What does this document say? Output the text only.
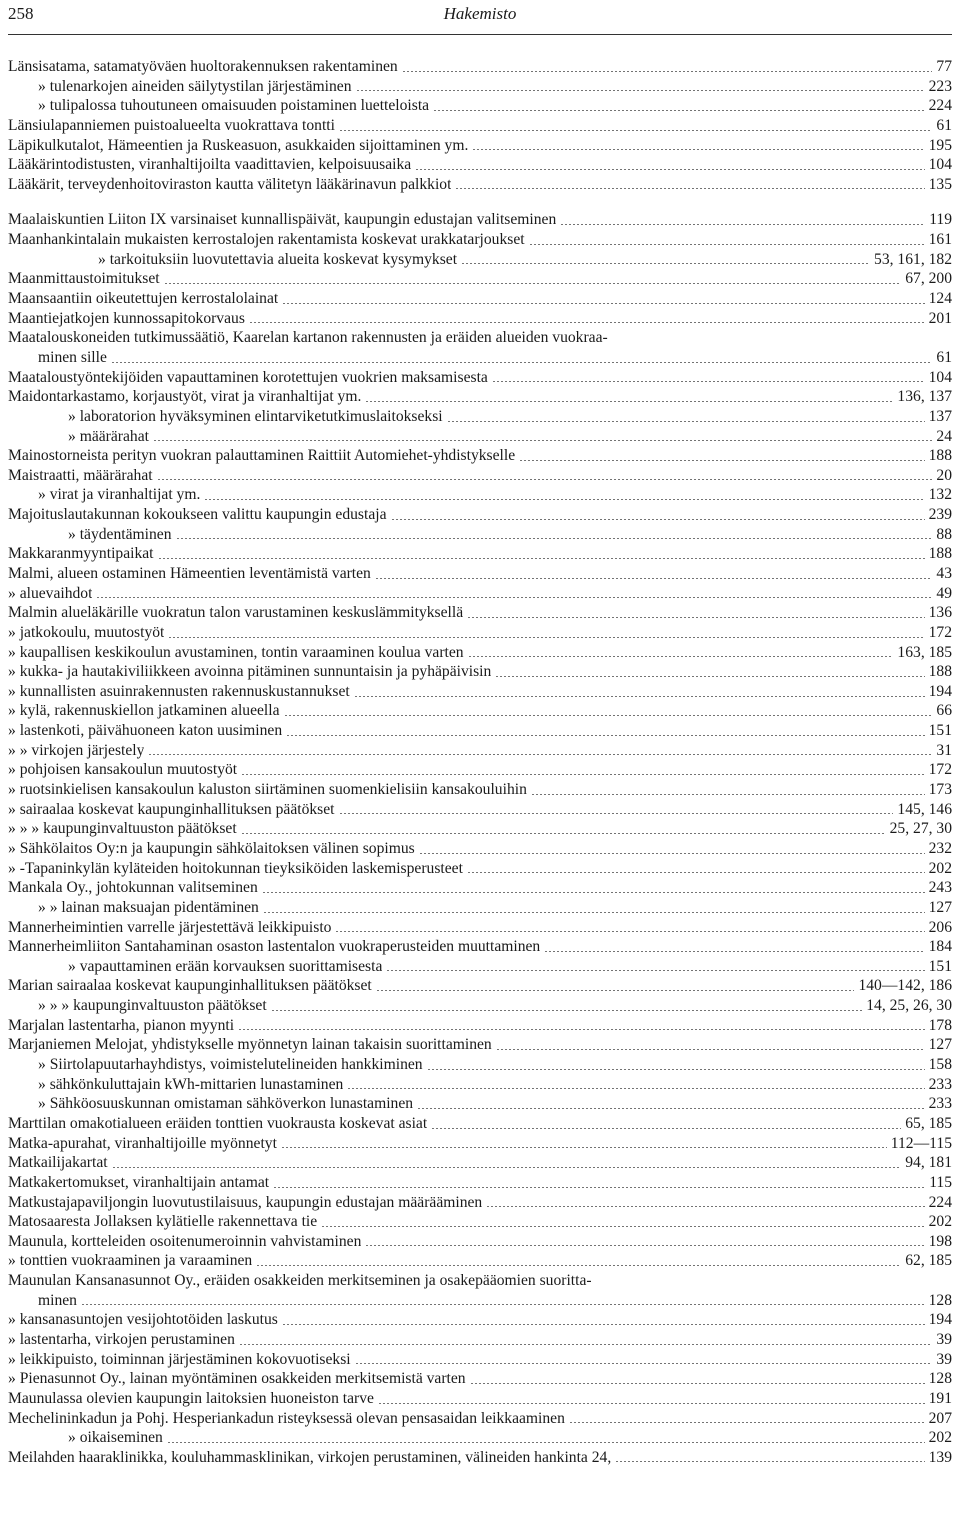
258	Hakemisto
Länsisatama, satamatyöväen huoltorakennuksen rakentaminen	77
» tulenarkojen aineiden säilytystilan järjestäminen	223
» tulipalossa tuhoutuneen omaisuuden poistaminen luetteloista	224
Länsiulapanniemen puistoalueelta vuokrattava tontti	61
Läpikulkutalot, Hämeentien ja Ruskeasuon, asukkaiden sijoittaminen ym.	195
Lääkärintodistusten, viranhaltijoilta vaadittavien, kelpoisuusaika	104
Lääkärit, terveydenhoitoviraston kautta välitetyn lääkärinavun palkkiot	135
Maalaiskuntien Liiton IX varsinaiset kunnallispäivät, kaupungin edustajan valitseminen	119
Maanhankintalain mukaisten kerrostalojen rakentamista koskevat urakkatarjoukset	161
» tarkoituksiin luovutettavia alueita koskevat kysymykset	53, 161, 182
Maanmittaustoimitukset	67, 200
Maansaantiin oikeutettujen kerrostalolainat	124
Maantiejatkojen kunnossapitokorvaus	201
Maatalouskoneiden tutkimussäätiö, Kaarelan kartanon rakennusten ja eräiden alueiden vuokraa-
minen sille	61
Maataloustyöntekijöiden vapauttaminen korotettujen vuokrien maksamisesta	104
Maidontarkastamo, korjaustyöt, virat ja viranhaltijat ym.	136, 137
» laboratorion hyväksyminen elintarviketutkimuslaitokseksi	137
» määrärahat	24
Mainostorneista perityn vuokran palauttaminen Raittiit Automiehet-yhdistykselle	188
Maistraatti, määrärahat	20
» virat ja viranhaltijat ym.	132
Majoituslautakunnan kokoukseen valittu kaupungin edustaja	239
» täydentäminen	88
Makkaranmyyntipaikat	188
Malmi, alueen ostaminen Hämeentien leventämistä varten	43
» aluevaihdot	49
Malmin alueläkärille vuokratun talon varustaminen keskuslämmityksellä	136
» jatkokoulu, muutostyöt	172
» kaupallisen keskikoulun avustaminen, tontin varaaminen koulua varten	163, 185
» kukka- ja hautakiviliikkeen avoinna pitäminen sunnuntaisin ja pyhäpäivisin	188
» kunnallisten asuinrakennusten rakennuskustannukset	194
» kylä, rakennuskiellon jatkaminen alueella	66
» lastenkoti, päivähuoneen katon uusiminen	151
» » virkojen järjestely	31
» pohjoisen kansakoulun muutostyöt	172
» ruotsinkielisen kansakoulun kaluston siirtäminen suomenkielisiin kansakouluihin	173
» sairaalaa koskevat kaupunginhallituksen päätökset	145, 146
» » » kaupunginvaltuuston päätökset	25, 27, 30
» Sähkölaitos Oy:n ja kaupungin sähkölaitoksen välinen sopimus	232
» -Tapaninkylän kyläteiden hoitokunnan tieyksiköiden laskemisperusteet	202
Mankala Oy., johtokunnan valitseminen	243
» » lainan maksuajan pidentäminen	127
Mannerheimintien varrelle järjestettävä leikkipuisto	206
Mannerheimliiton Santahaminan osaston lastentalon vuokraperusteiden muuttaminen	184
» vapauttaminen erään korvauksen suorittamisesta	151
Marian sairaalaa koskevat kaupunginhallituksen päätökset	140—142, 186
» » » kaupunginvaltuuston päätökset	14, 25, 26, 30
Marjalan lastentarha, pianon myynti	178
Marjaniemen Melojat, yhdistykselle myönnetyn lainan takaisin suorittaminen	127
» Siirtolapuutarhayhdistys, voimistelutelineiden hankkiminen	158
» sähkönkuluttajain kWh-mittarien lunastaminen	233
» Sähköosuuskunnan omistaman sähköverkon lunastaminen	233
Marttilan omakotialueen eräiden tonttien vuokrausta koskevat asiat	65, 185
Matka-apurahat, viranhaltijoille myönnetyt	112—115
Matkailijakartat	94, 181
Matkakertomukset, viranhaltijain antamat	115
Matkustajapaviljongin luovutustilaisuus, kaupungin edustajan määrääminen	224
Matosaaresta Jollaksen kylätielle rakennettava tie	202
Maunula, kortteleiden osoitenumeroinnin vahvistaminen	198
» tonttien vuokraaminen ja varaaminen	62, 185
Maunulan Kansanasunnot Oy., eräiden osakkeiden merkitseminen ja osakepääomien suoritta-
minen	128
» kansanasuntojen vesijohtotöiden laskutus	194
» lastentarha, virkojen perustaminen	39
» leikkipuisto, toiminnan järjestäminen kokovuotiseksi	39
» Pienasunnot Oy., lainan myöntäminen osakkeiden merkitsemistä varten	128
Maunulassa olevien kaupungin laitoksien huoneiston tarve	191
Mechelininkadun ja Pohj. Hesperiankadun risteyksessä olevan pensasaidan leikkaaminen	207
» oikaiseminen	202
Meilahden haaraklinikka, kouluhammasklinikan, virkojen perustaminen, välineiden hankinta 24,	139
